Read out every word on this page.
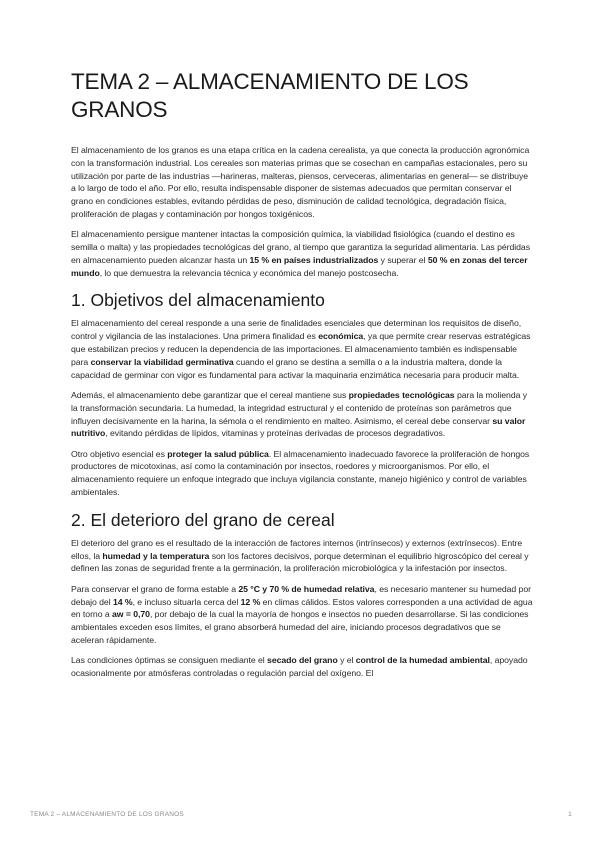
TEMA 2 – ALMACENAMIENTO DE LOS GRANOS

El almacenamiento de los granos es una etapa crítica en la cadena cerealista, ya que conecta la producción agronómica con la transformación industrial. Los cereales son materias primas que se cosechan en campañas estacionales, pero su utilización por parte de las industrias —harineras, malteras, piensos, cerveceras, alimentarias en general— se distribuye a lo largo de todo el año. Por ello, resulta indispensable disponer de sistemas adecuados que permitan conservar el grano en condiciones estables, evitando pérdidas de peso, disminución de calidad tecnológica, degradación física, proliferación de plagas y contaminación por hongos toxigénicos.

El almacenamiento persigue mantener intactas la composición química, la viabilidad fisiológica (cuando el destino es semilla o malta) y las propiedades tecnológicas del grano, al tiempo que garantiza la seguridad alimentaria. Las pérdidas en almacenamiento pueden alcanzar hasta un 15 % en países industrializados y superar el 50 % en zonas del tercer mundo, lo que demuestra la relevancia técnica y económica del manejo postcosecha.

1. Objetivos del almacenamiento

El almacenamiento del cereal responde a una serie de finalidades esenciales que determinan los requisitos de diseño, control y vigilancia de las instalaciones. Una primera finalidad es económica, ya que permite crear reservas estratégicas que estabilizan precios y reducen la dependencia de las importaciones. El almacenamiento también es indispensable para conservar la viabilidad germinativa cuando el grano se destina a semilla o a la industria maltera, donde la capacidad de germinar con vigor es fundamental para activar la maquinaria enzimática necesaria para producir malta.

Además, el almacenamiento debe garantizar que el cereal mantiene sus propiedades tecnológicas para la molienda y la transformación secundaria. La humedad, la integridad estructural y el contenido de proteínas son parámetros que influyen decisivamente en la harina, la sémola o el rendimiento en malteo. Asimismo, el cereal debe conservar su valor nutritivo, evitando pérdidas de lípidos, vitaminas y proteínas derivadas de procesos degradativos.

Otro objetivo esencial es proteger la salud pública. El almacenamiento inadecuado favorece la proliferación de hongos productores de micotoxinas, así como la contaminación por insectos, roedores y microorganismos. Por ello, el almacenamiento requiere un enfoque integrado que incluya vigilancia constante, manejo higiénico y control de variables ambientales.

2. El deterioro del grano de cereal

El deterioro del grano es el resultado de la interacción de factores internos (intrínsecos) y externos (extrínsecos). Entre ellos, la humedad y la temperatura son los factores decisivos, porque determinan el equilibrio higroscópico del cereal y definen las zonas de seguridad frente a la germinación, la proliferación microbiológica y la infestación por insectos.

Para conservar el grano de forma estable a 25 °C y 70 % de humedad relativa, es necesario mantener su humedad por debajo del 14 %, e incluso situarla cerca del 12 % en climas cálidos. Estos valores corresponden a una actividad de agua en torno a aw = 0,70, por debajo de la cual la mayoría de hongos e insectos no pueden desarrollarse. Si las condiciones ambientales exceden esos límites, el grano absorberá humedad del aire, iniciando procesos degradativos que se aceleran rápidamente.

Las condiciones óptimas se consiguen mediante el secado del grano y el control de la humedad ambiental, apoyado ocasionalmente por atmósferas controladas o regulación parcial del oxígeno. El

TEMA 2 – ALMACENAMIENTO DE LOS GRANOS	1
